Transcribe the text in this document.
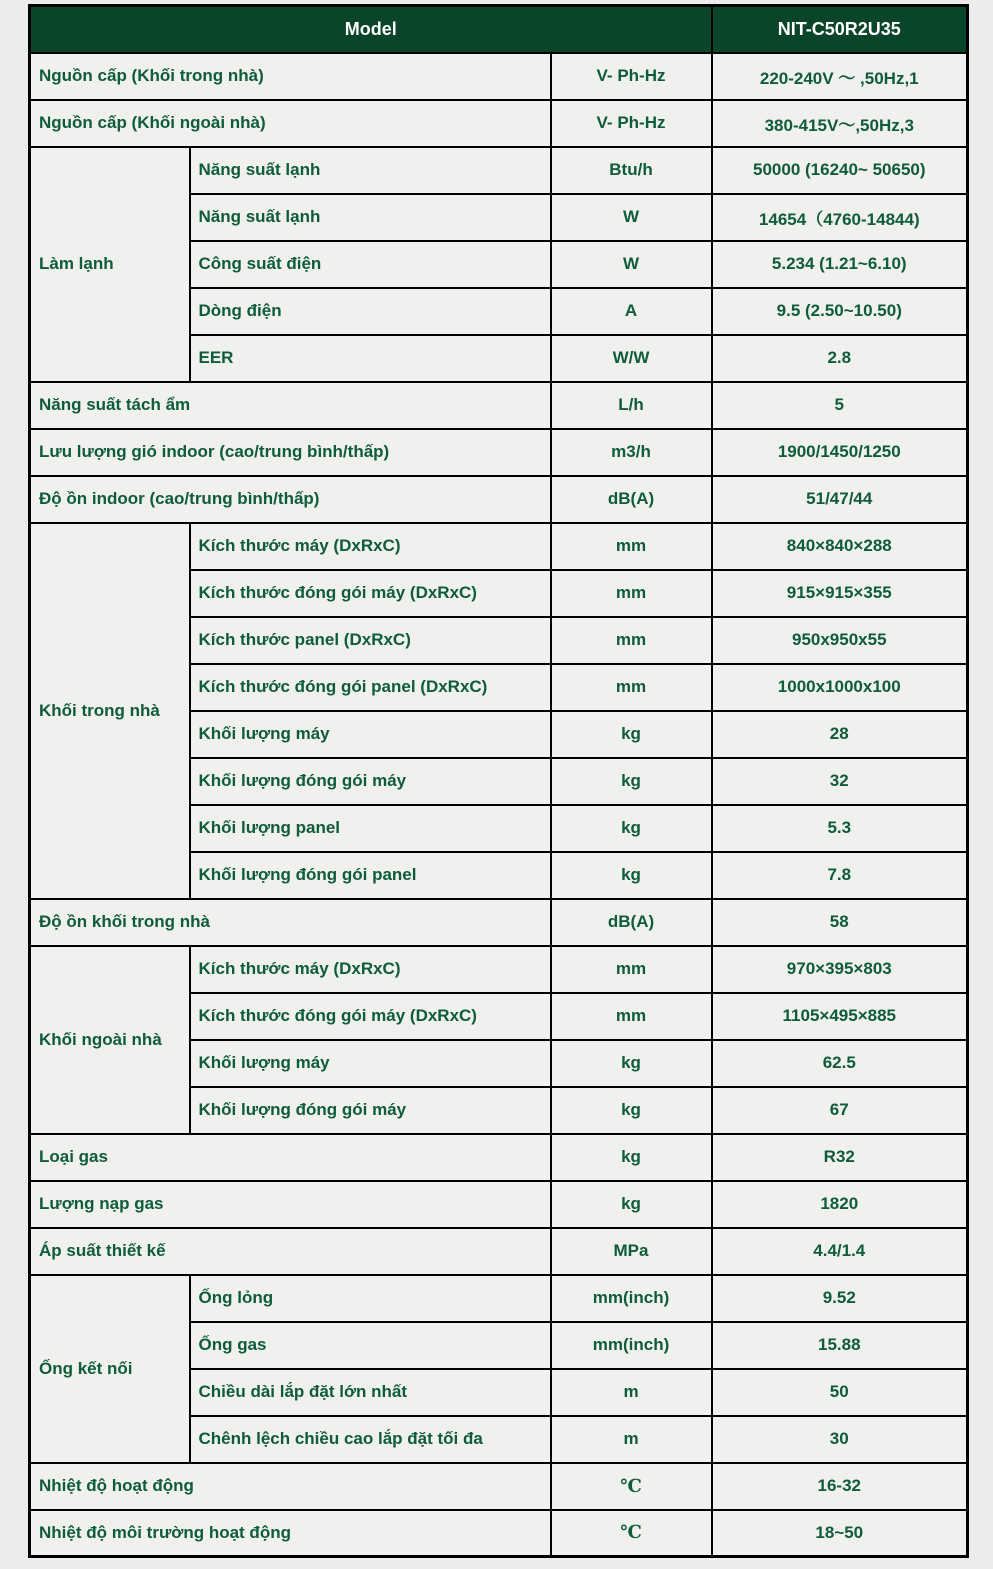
Model			NIT-C50R2U35
Nguồn cấp (Khối trong nhà)		V- Ph-Hz	220-240V ～ ,50Hz,1
Nguồn cấp (Khối ngoài nhà)		V- Ph-Hz	380-415V～,50Hz,3
Làm lạnh	Năng suất lạnh	Btu/h	50000 (16240~ 50650)
	Năng suất lạnh	W	14654（4760-14844)
	Công suất điện	W	5.234 (1.21~6.10)
	Dòng điện	A	9.5 (2.50~10.50)
	EER	W/W	2.8
Năng suất tách ẩm		L/h	5
Lưu lượng gió indoor (cao/trung bình/thấp)		m3/h	1900/1450/1250
Độ ồn indoor (cao/trung bình/thấp)		dB(A)	51/47/44
Khối trong nhà	Kích thước máy (DxRxC)	mm	840×840×288
	Kích thước đóng gói máy (DxRxC)	mm	915×915×355
	Kích thước panel (DxRxC)	mm	950x950x55
	Kích thước đóng gói panel (DxRxC)	mm	1000x1000x100
	Khối lượng máy	kg	28
	Khối lượng đóng gói máy	kg	32
	Khối lượng panel	kg	5.3
	Khối lượng đóng gói panel	kg	7.8
Độ ồn khối trong nhà		dB(A)	58
Khối ngoài nhà	Kích thước máy (DxRxC)	mm	970×395×803
	Kích thước đóng gói máy (DxRxC)	mm	1105×495×885
	Khối lượng máy	kg	62.5
	Khối lượng đóng gói máy	kg	67
Loại gas		kg	R32
Lượng nạp gas		kg	1820
Áp suất thiết kế		MPa	4.4/1.4
Ống kết nối	Ống lỏng	mm(inch)	9.52
	Ống gas	mm(inch)	15.88
	Chiều dài lắp đặt lớn nhất	m	50
	Chênh lệch chiều cao lắp đặt tối đa	m	30
Nhiệt độ hoạt động		℃	16-32
Nhiệt độ môi trường hoạt động		℃	18~50
